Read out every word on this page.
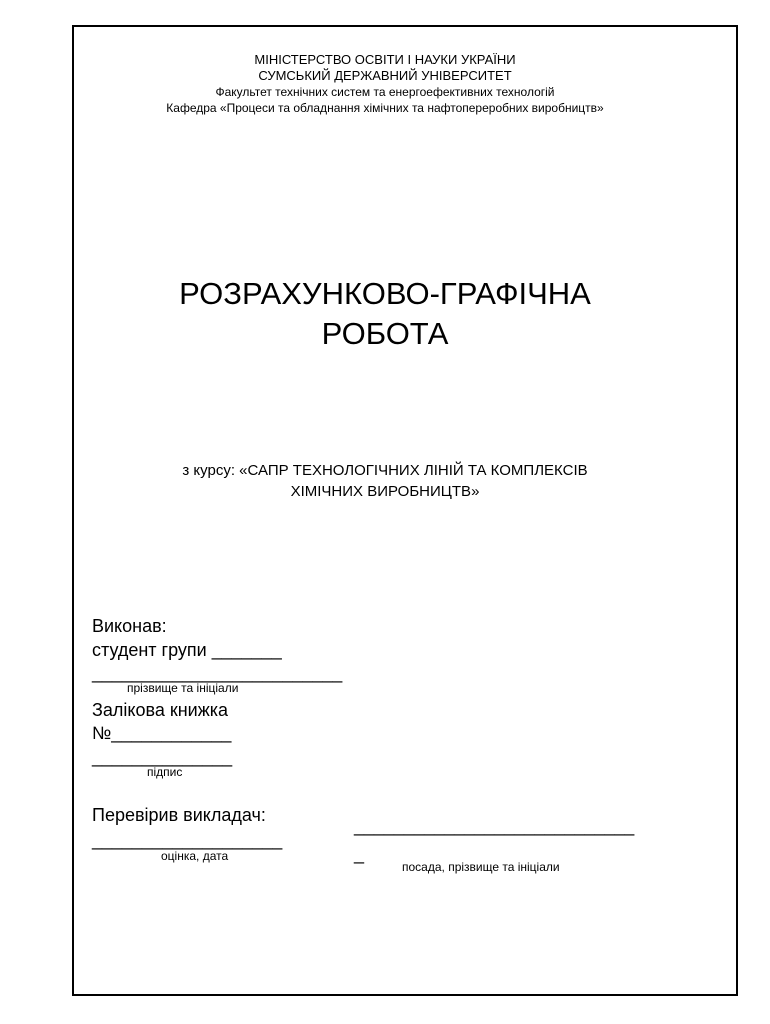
МІНІСТЕРСТВО ОСВІТИ І НАУКИ УКРАЇНИ
СУМСЬКИЙ ДЕРЖАВНИЙ УНІВЕРСИТЕТ
Факультет технічних систем та енергоефективних технологій
Кафедра «Процеси та обладнання хімічних та нафтопереробних виробництв»
РОЗРАХУНКОВО-ГРАФІЧНА
РОБОТА
з курсу: «САПР ТЕХНОЛОГІЧНИХ ЛІНІЙ ТА КОМПЛЕКСІВ
ХІМІЧНИХ ВИРОБНИЦТВ»
Виконав:
студент групи _______
_________________________
прізвище та ініціали
Залікова книжка
№____________
______________
підпис
Перевірив викладач:
____________________________
___________________
оцінка, дата	_
посада, прізвище та ініціали
